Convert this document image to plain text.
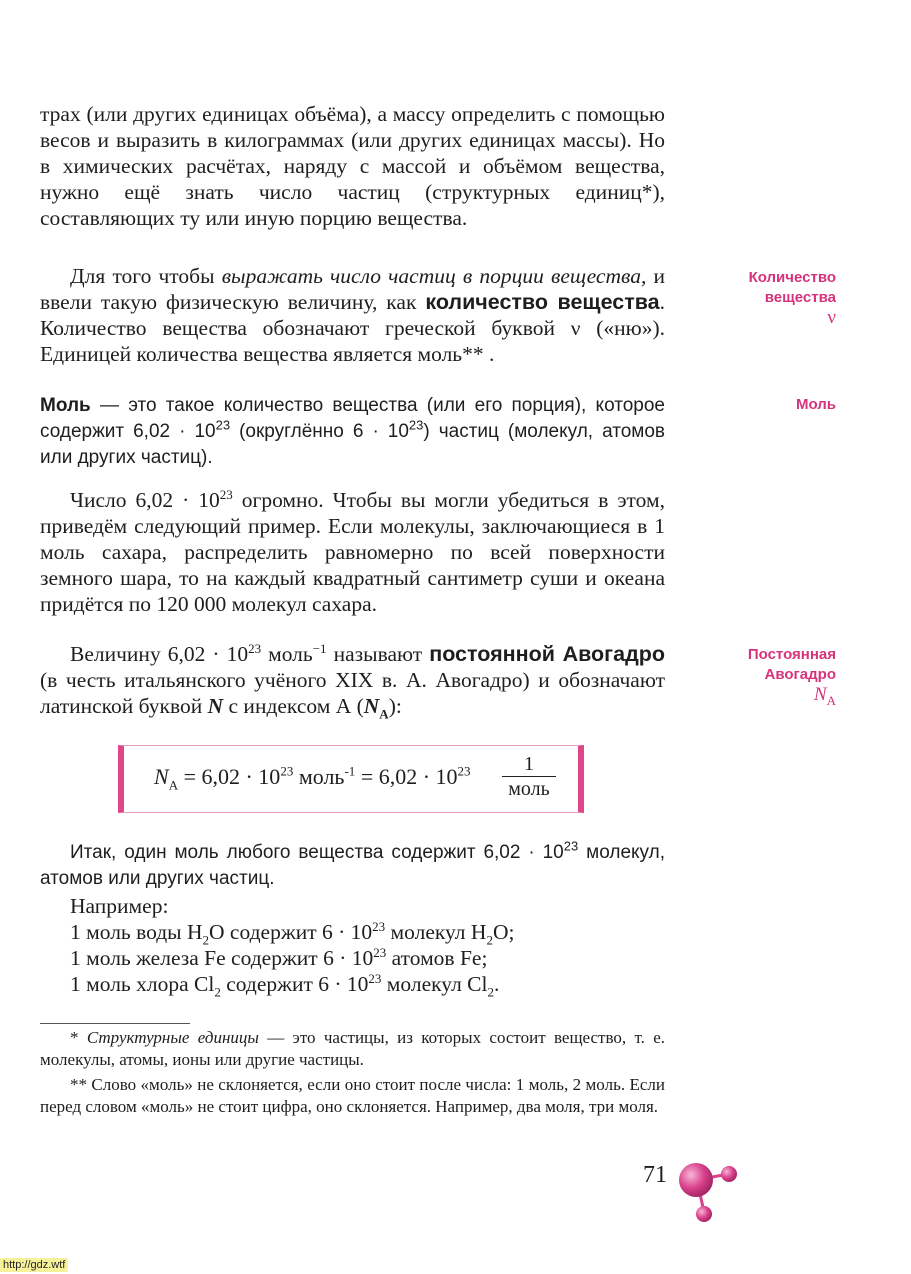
трах (или других единицах объёма), а массу определить с помощью весов и выразить в килограммах (или других единицах массы). Но в химических расчётах, наряду с массой и объёмом вещества, нужно ещё знать число частиц (структурных единиц*), составляющих ту или иную порцию вещества.

Для того чтобы выражать число частиц в порции вещества, и ввели такую физическую величину, как количество вещества. Количество вещества обозначают греческой буквой ν («ню»). Единицей количества вещества является моль** .

Моль — это такое количество вещества (или его порция), которое содержит $6,02 \cdot 10^{23}$ (округлённо $6 \cdot 10^{23}$) частиц (молекул, атомов или других частиц).

Число $6,02 \cdot 10^{23}$ огромно. Чтобы вы могли убедиться в этом, приведём следующий пример. Если молекулы, заключающиеся в 1 моль сахара, распределить равномерно по всей поверхности земного шара, то на каждый квадратный сантиметр суши и океана придётся по 120 000 молекул сахара.

Величину $6,02 \cdot 10^{23}$ моль$^{-1}$ называют постоянной Авогадро (в честь итальянского учёного XIX в. А. Авогадро) и обозначают латинской буквой N с индексом А $(N_A)$:

$N_A = 6,02 \cdot 10^{23}$ моль$^{-1}$ = $6,02 \cdot 10^{23}$	1
моль

Итак, один моль любого вещества содержит $6,02 \cdot 10^{23}$ молекул, атомов или других частиц.

Например:
1 моль воды $H_2O$ содержит $6 \cdot 10^{23}$ молекул $H_2O$;
1 моль железа Fe содержит $6 \cdot 10^{23}$ атомов Fe;
1 моль хлора $Cl_2$ содержит $6 \cdot 10^{23}$ молекул $Cl_2$.

* Структурные единицы — это частицы, из которых состоит вещество, т. е. молекулы, атомы, ионы или другие частицы.

** Слово «моль» не склоняется, если оно стоит после числа: 1 моль, 2 моль. Если перед словом «моль» не стоит цифра, оно склоняется. Например, два моля, три моля.

Количество
вещества
ν
Моль
Постоянная
Авогадро
$N_A$
71
http://gdz.wtf
